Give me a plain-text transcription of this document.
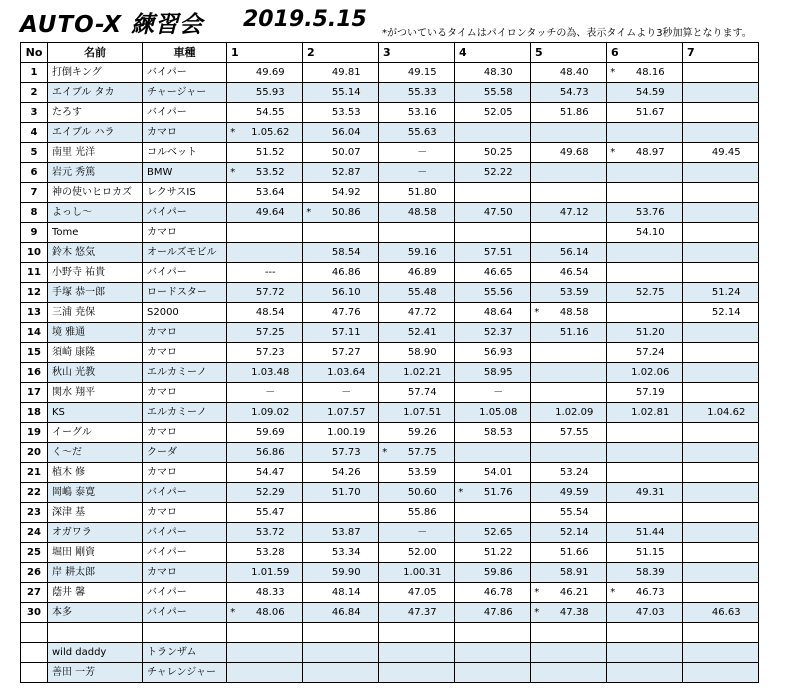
AUTO-X 練習会 2019.5.15
*がついているタイムはパイロンタッチの為、表示タイムより3秒加算となります。
No	名前	車種	1		2		3		4		5		6		7	
1	打倒キング	バイパー		49.69		49.81		49.15		48.30		48.40	*	48.16		
2	エイブル タカ	チャージャー		55.93		55.14		55.33		55.58		54.73		54.59		
3	たろす	バイパー		54.55		53.53		53.16		52.05		51.86		51.67		
4	エイブル ハラ	カマロ	*	1.05.62		56.04		55.63								
5	南里 光洋	コルベット		51.52		50.07		－		50.25		49.68	*	48.97		49.45
6	岩元 秀篤	BMW	*	53.52		52.87		－		52.22						
7	神の使いヒロカズ	レクサスIS		53.64		54.92		51.80								
8	よっし～	バイパー		49.64	*	50.86		48.58		47.50		47.12		53.76		
9	Tome	カマロ												54.10		
10	鈴木 悠気	オールズモビル				58.54		59.16		57.51		56.14				
11	小野寺 祐貴	バイパー		---		46.86		46.89		46.65		46.54				
12	手塚 恭一郎	ロードスター		57.72		56.10		55.48		55.56		53.59		52.75		51.24
13	三浦 尭保	S2000		48.54		47.76		47.72		48.64	*	48.58				52.14
14	境 雅通	カマロ		57.25		57.11		52.41		52.37		51.16		51.20		
15	須崎 康隆	カマロ		57.23		57.27		58.90		56.93				57.24		
16	秋山 光教	エルカミーノ		1.03.48		1.03.64		1.02.21		58.95				1.02.06		
17	関水 翔平	カマロ		－		－		57.74		－				57.19		
18	KS	エルカミーノ		1.09.02		1.07.57		1.07.51		1.05.08		1.02.09		1.02.81		1.04.62
19	イーグル	カマロ		59.69		1.00.19		59.26		58.53		57.55				
20	く～だ	クーダ		56.86		57.73	*	57.75								
21	植木 修	カマロ		54.47		54.26		53.59		54.01		53.24				
22	岡嶋 泰寛	バイパー		52.29		51.70		50.60	*	51.76		49.59		49.31		
23	深津 基	カマロ		55.47				55.86				55.54				
24	オガワラ	バイパー		53.72		53.87		－		52.65		52.14		51.44		
25	堀田 剛資	バイパー		53.28		53.34		52.00		51.22		51.66		51.15		
26	岸 耕太郎	カマロ		1.01.59		59.90		1.00.31		59.86		58.91		58.39		
27	蔭井 馨	バイパー		48.33		48.14		47.05		46.78	*	46.21	*	46.73		
30	本多	バイパー	*	48.06		46.84		47.37		47.86	*	47.38		47.03		46.63

	wild daddy	トランザム														
	善田 一芳	チャレンジャー														
